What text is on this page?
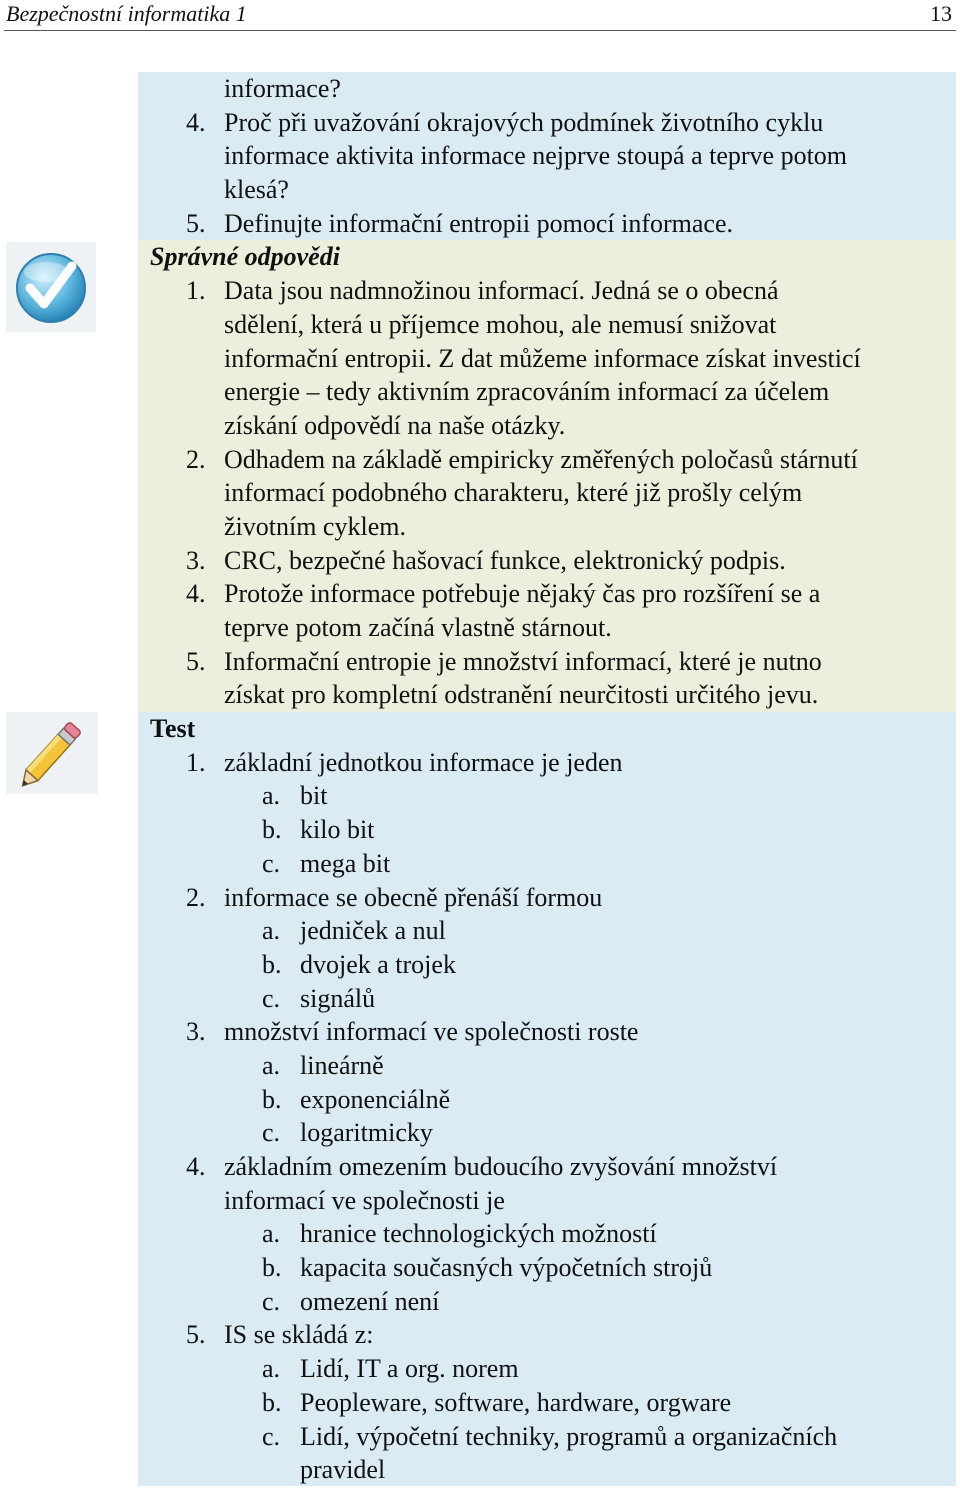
Bezpečnostní informatika 1	13
informace?
4. Proč při uvažování okrajových podmínek životního cyklu
informace aktivita informace nejprve stoupá a teprve potom
klesá?
5. Definujte informační entropii pomocí informace.
Správné odpovědi
1. Data jsou nadmnožinou informací. Jedná se o obecná
sdělení, která u příjemce mohou, ale nemusí snižovat
informační entropii. Z dat můžeme informace získat investicí
energie – tedy aktivním zpracováním informací za účelem
získání odpovědí na naše otázky.
2. Odhadem na základě empiricky změřených poločasů stárnutí
informací podobného charakteru, které již prošly celým
životním cyklem.
3. CRC, bezpečné hašovací funkce, elektronický podpis.
4. Protože informace potřebuje nějaký čas pro rozšíření se a
teprve potom začíná vlastně stárnout.
5. Informační entropie je množství informací, které je nutno
získat pro kompletní odstranění neurčitosti určitého jevu.
Test
1. základní jednotkou informace je jeden
a. bit
b. kilo bit
c. mega bit
2. informace se obecně přenáší formou
a. jedniček a nul
b. dvojek a trojek
c. signálů
3. množství informací ve společnosti roste
a. lineárně
b. exponenciálně
c. logaritmicky
4. základním omezením budoucího zvyšování množství
informací ve společnosti je
a. hranice technologických možností
b. kapacita současných výpočetních strojů
c. omezení není
5. IS se skládá z:
a. Lidí, IT a org. norem
b. Peopleware, software, hardware, orgware
c. Lidí, výpočetní techniky, programů a organizačních
pravidel
